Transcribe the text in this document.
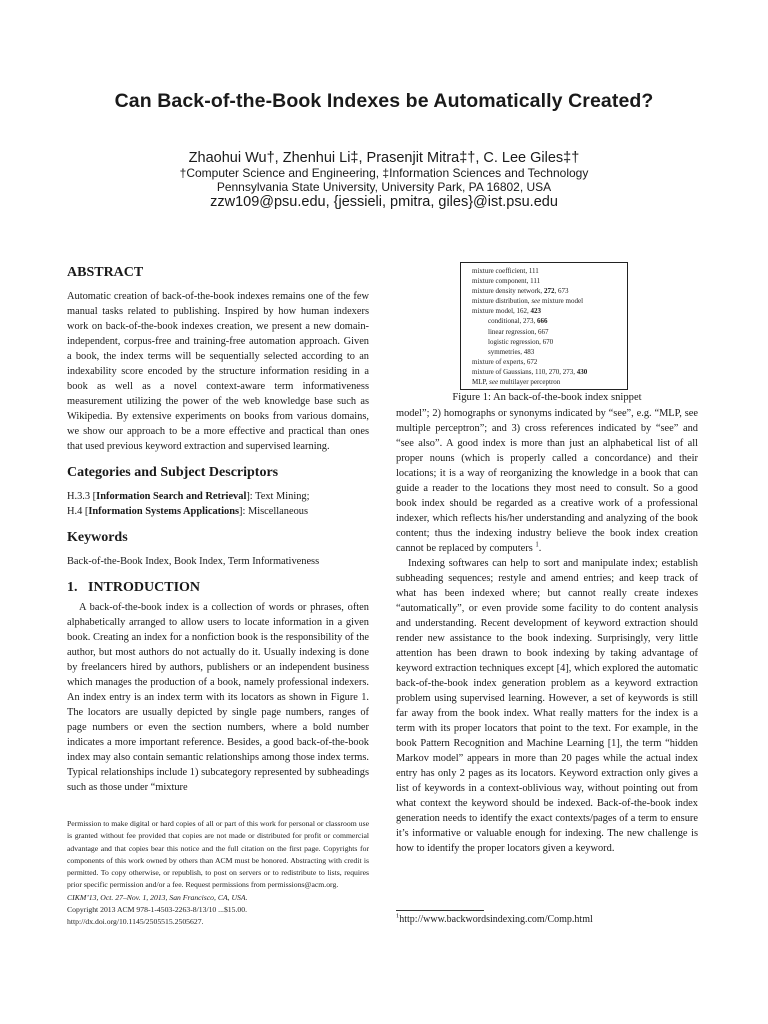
Can Back-of-the-Book Indexes be Automatically Created?
Zhaohui Wu†, Zhenhui Li‡, Prasenjit Mitra‡†, C. Lee Giles‡†
†Computer Science and Engineering, ‡Information Sciences and Technology
Pennsylvania State University, University Park, PA 16802, USA
zzw109@psu.edu, {jessieli, pmitra, giles}@ist.psu.edu
ABSTRACT

Automatic creation of back-of-the-book indexes remains one of the few manual tasks related to publishing. Inspired by how human indexers work on back-of-the-book indexes creation, we present a new domain-independent, corpus-free and training-free automation approach. Given a book, the index terms will be sequentially selected according to an indexability score encoded by the structure information residing in a book as well as a novel context-aware term informativeness measurement utilizing the power of the web knowledge base such as Wikipedia. By extensive experiments on books from various domains, we show our approach to be a more effective and practical than ones that used previous keyword extraction and supervised learning.

Categories and Subject Descriptors
H.3.3 [Information Search and Retrieval]: Text Mining;
H.4 [Information Systems Applications]: Miscellaneous
Keywords

Back-of-the-Book Index, Book Index, Term Informativeness

1.   INTRODUCTION

A back-of-the-book index is a collection of words or phrases, often alphabetically arranged to allow users to locate information in a given book. Creating an index for a nonfiction book is the responsibility of the author, but most authors do not actually do it. Usually indexing is done by freelancers hired by authors, publishers or an independent business which manages the production of a book, namely professional indexers. An index entry is an index term with its locators as shown in Figure 1. The locators are usually depicted by single page numbers, ranges of page numbers or even the section numbers, where a bold number indicates a more important reference. Besides, a good back-of-the-book index may also contain semantic relationships among those index terms. Typical relationships include 1) subcategory represented by subheadings such as those under “mixture

mixture coefficient, 111
mixture component, 111
mixture density network, 272, 673
mixture distribution, see mixture model
mixture model, 162, 423
conditional, 273, 666
linear regression, 667
logistic regression, 670
symmetries, 483
mixture of experts, 672
mixture of Gaussians, 110, 270, 273, 430
MLP, see multilayer perceptron
Figure 1: An back-of-the-book index snippet

model”; 2) homographs or synonyms indicated by “see”, e.g. “MLP, see multiple perceptron”; and 3) cross references indicated by “see” and “see also”. A good index is more than just an alphabetical list of all proper nouns (which is properly called a concordance) and their locations; it is a way of reorganizing the knowledge in a book that can guide a reader to the locations they most need to consult. So a good book index should be regarded as a creative work of a professional indexer, which reflects his/her understanding and analyzing of the book content; thus the indexing industry believe the book index creation cannot be replaced by computers $^1$.

Indexing softwares can help to sort and manipulate index; establish subheading sequences; restyle and amend entries; and keep track of what has been indexed where; but cannot really create indexes “automatically”, or even provide some facility to do content analysis and understanding. Recent development of keyword extraction should render new assistance to the book indexing. Surprisingly, very little attention has been drawn to book indexing by taking advantage of keyword extraction techniques except [4], which explored the automatic back-of-the-book index generation problem as a keyword extraction problem using supervised learning. However, a set of keywords is still far away from the book index. What really matters for the index is a term with its proper locators that point to the text. For example, in the book Pattern Recognition and Machine Learning [1], the term “hidden Markov model” appears in more than 20 pages while the actual index entry has only 2 pages as its locators. Keyword extraction only gives a list of keywords in a context-oblivious way, without pointing out from what context the keyword should be indexed. Back-of-the-book index generation needs to identify the exact contexts/pages of a term to ensure it’s informative or valuable enough for indexing. The new challenge is how to identify the proper locators given a keyword.

Permission to make digital or hard copies of all or part of this work for personal or classroom use is granted without fee provided that copies are not made or distributed for profit or commercial advantage and that copies bear this notice and the full citation on the first page. Copyrights for components of this work owned by others than ACM must be honored. Abstracting with credit is permitted. To copy otherwise, or republish, to post on servers or to redistribute to lists, requires prior specific permission and/or a fee. Request permissions from permissions@acm.org.
CIKM’13, Oct. 27–Nov. 1, 2013, San Francisco, CA, USA.
Copyright 2013 ACM 978-1-4503-2263-8/13/10 ...$15.00.
http://dx.doi.org/10.1145/2505515.2505627.
$^1$http://www.backwordsindexing.com/Comp.html
